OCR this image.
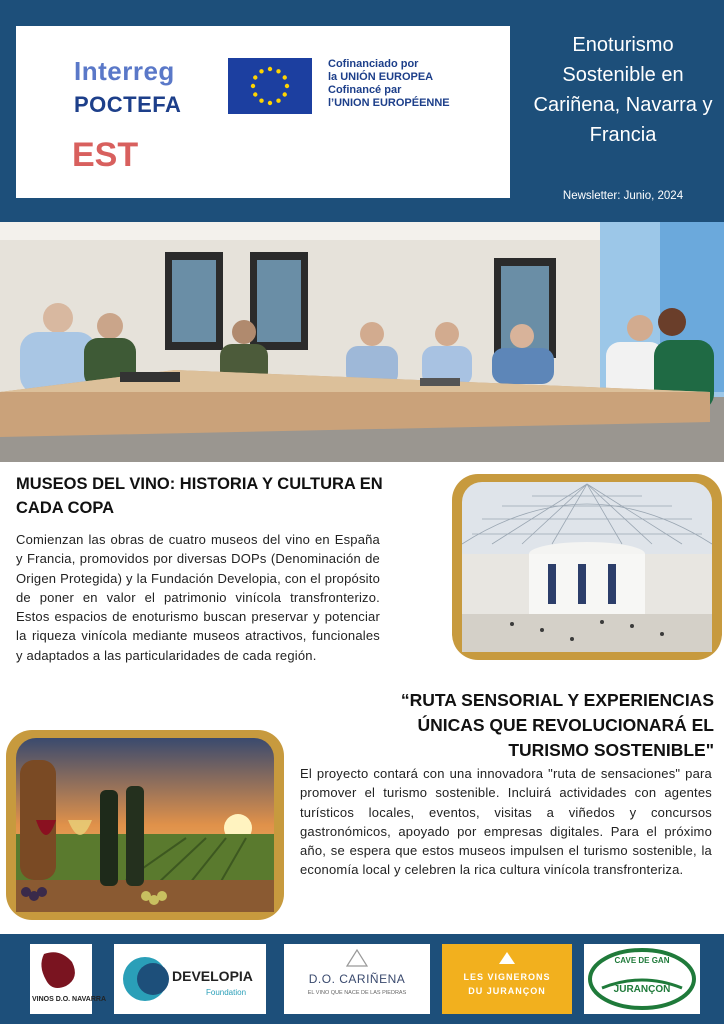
Interreg
POCTEFA
EST
Cofinanciado por
la UNIÓN EUROPEA
Cofinancé par
l’UNION EUROPÉENNE
Enoturismo Sostenible en Cariñena, Navarra y Francia
Newsletter: Junio, 2024
MUSEOS DEL VINO: HISTORIA Y CULTURA EN CADA COPA
Comienzan las obras de cuatro museos del vino en España y Francia, promovidos por diversas DOPs (Denominación de Origen Protegida) y la Fundación Developia, con el propósito de poner en valor el patrimonio vinícola transfronterizo. Estos espacios de enoturismo buscan preservar y potenciar la riqueza vinícola mediante museos atractivos, funcionales y adaptados a las particularidades de cada región.
“RUTA SENSORIAL Y EXPERIENCIAS ÚNICAS QUE REVOLUCIONARÁ EL TURISMO SOSTENIBLE"
El proyecto contará con una innovadora "ruta de sensaciones" para promover el turismo sostenible. Incluirá actividades con agentes turísticos locales, eventos, visitas a viñedos y concursos gastronómicos, apoyado por empresas digitales. Para el próximo año, se espera que estos museos impulsen el turismo sostenible, la economía local y celebren la rica cultura vinícola transfronteriza.
VINOS D.O. NAVARRA
DEVELOPIA
Foundation
D.O. CARIÑENA
EL VINO QUE NACE DE LAS PIEDRAS
LES VIGNERONS
DU JURANÇON
CAVE DE GAN
JURANÇON
